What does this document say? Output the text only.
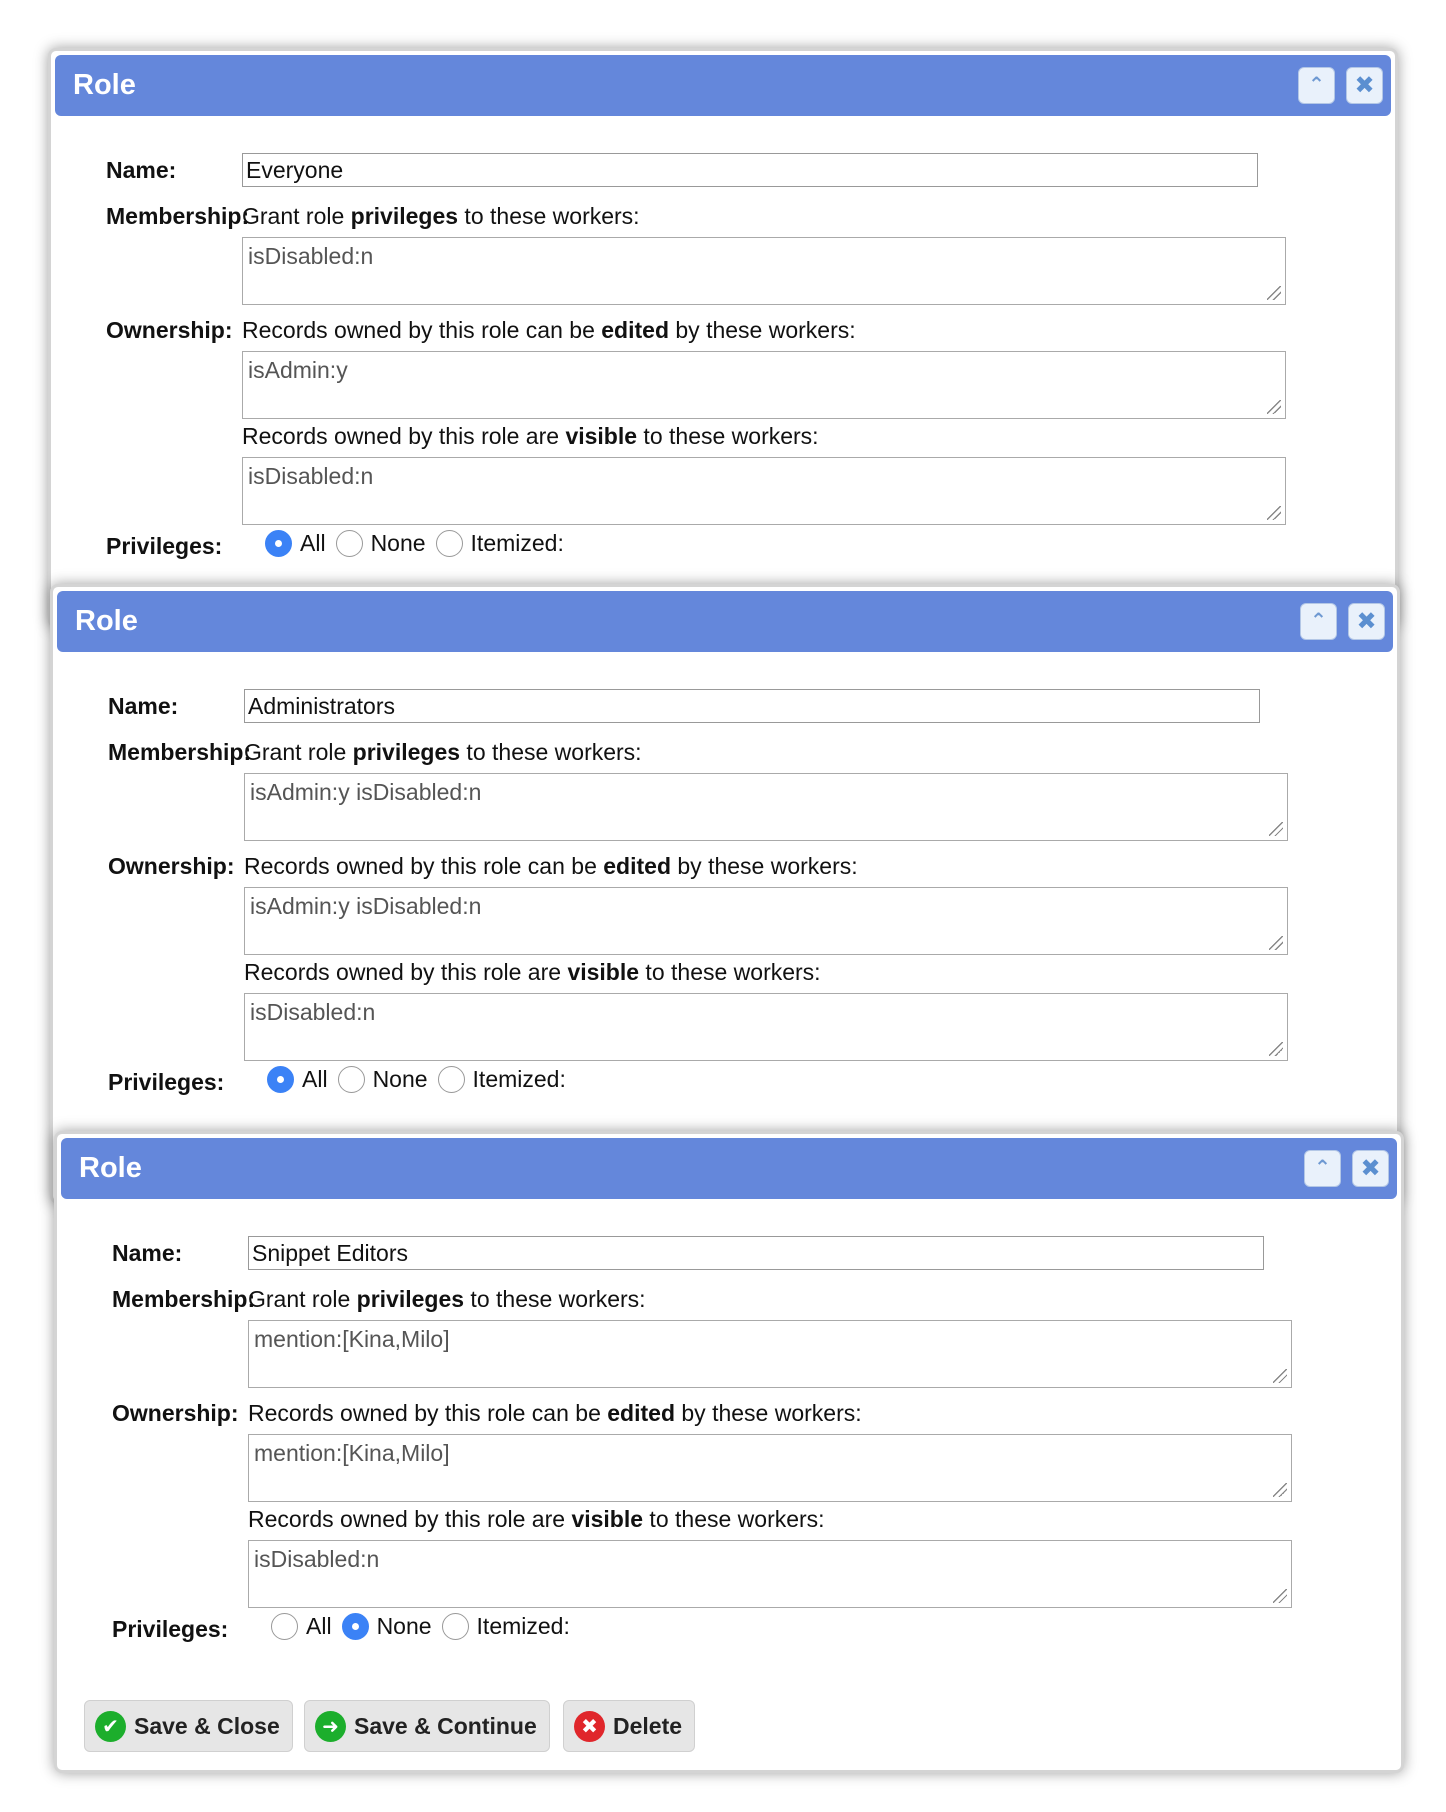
Role	⌃	✖
Name:
Everyone
Membership:
Grant role privileges to these workers:
isDisabled:n
Ownership: Records owned by this role can be edited by these workers:
isAdmin:y
Records owned by this role are visible to these workers:
isDisabled:n
Privileges:	All None Itemized:
Role	⌃	✖
Name:
Administrators
Membership:
Grant role privileges to these workers:
isAdmin:y isDisabled:n
Ownership: Records owned by this role can be edited by these workers:
isAdmin:y isDisabled:n
Records owned by this role are visible to these workers:
isDisabled:n
Privileges:	All None Itemized:
Role	⌃	✖
Name:
Snippet Editors
Membership:
Grant role privileges to these workers:
mention:[Kina,Milo]
Ownership: Records owned by this role can be edited by these workers:
mention:[Kina,Milo]
Records owned by this role are visible to these workers:
isDisabled:n
Privileges:	All None Itemized:
✔ Save & Close	➜ Save & Continue	✖ Delete
